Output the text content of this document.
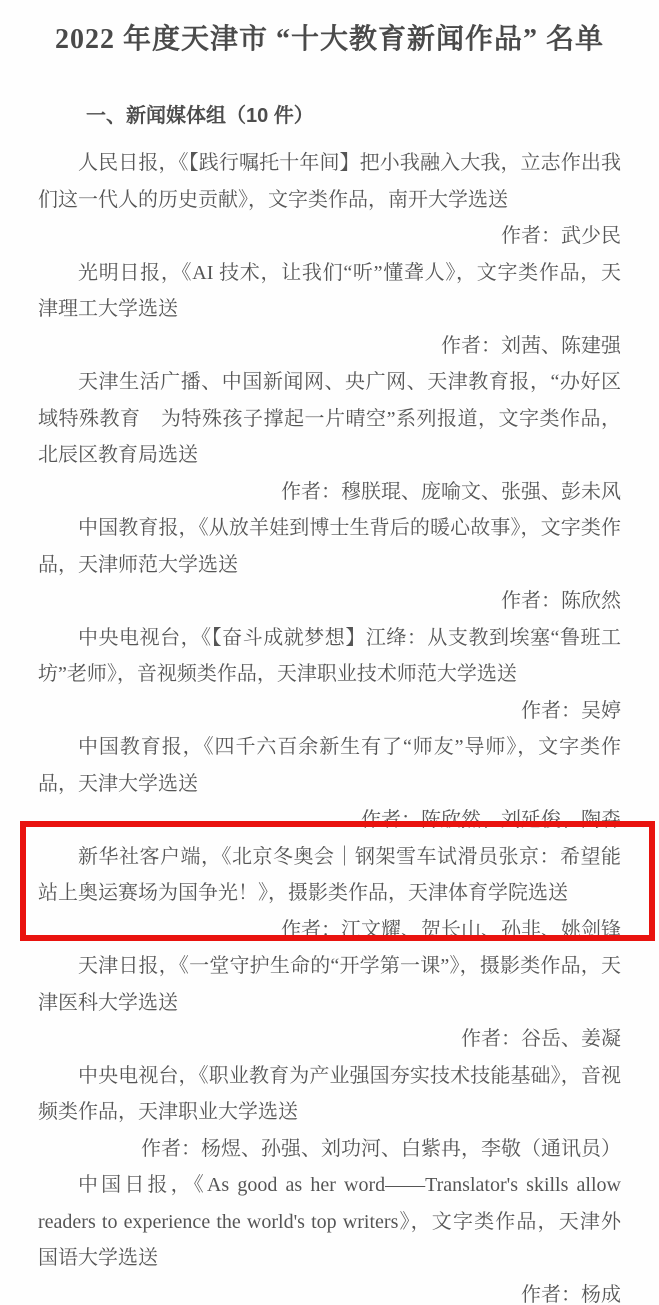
2022 年度天津市 “十大教育新闻作品” 名单
一、新闻媒体组（10 件）

人民日报，《【践行嘱托十年间】把小我融入大我，立志作出我们这一代人的历史贡献》，文字类作品，南开大学选送

作者：武少民

光明日报，《AI 技术，让我们“听”懂聋人》，文字类作品，天津理工大学选送

作者：刘茜、陈建强

天津生活广播、中国新闻网、央广网、天津教育报，“办好区域特殊教育　为特殊孩子撑起一片晴空”系列报道，文字类作品，北辰区教育局选送

作者：穆朕琨、庞喻文、张强、彭未风

中国教育报，《从放羊娃到博士生背后的暖心故事》，文字类作品，天津师范大学选送

作者：陈欣然

中央电视台，《【奋斗成就梦想】江绛：从支教到埃塞“鲁班工坊”老师》，音视频类作品，天津职业技术师范大学选送

作者：吴婷

中国教育报，《四千六百余新生有了“师友”导师》，文字类作品，天津大学选送

作者：陈欣然、刘延俊、陶森

新华社客户端，《北京冬奥会｜钢架雪车试滑员张京：希望能站上奥运赛场为国争光！》，摄影类作品，天津体育学院选送

作者：江文耀、贺长山、孙非、姚剑锋

天津日报，《一堂守护生命的“开学第一课”》，摄影类作品，天津医科大学选送

作者：谷岳、姜凝

中央电视台，《职业教育为产业强国夯实技术技能基础》，音视频类作品，天津职业大学选送

作者：杨煜、孙强、刘功河、白紫冉，李敬（通讯员）

中国日报，《As good as her word——Translator's skills allow readers to experience the world's top writers》，文字类作品，天津外国语大学选送

作者：杨成
